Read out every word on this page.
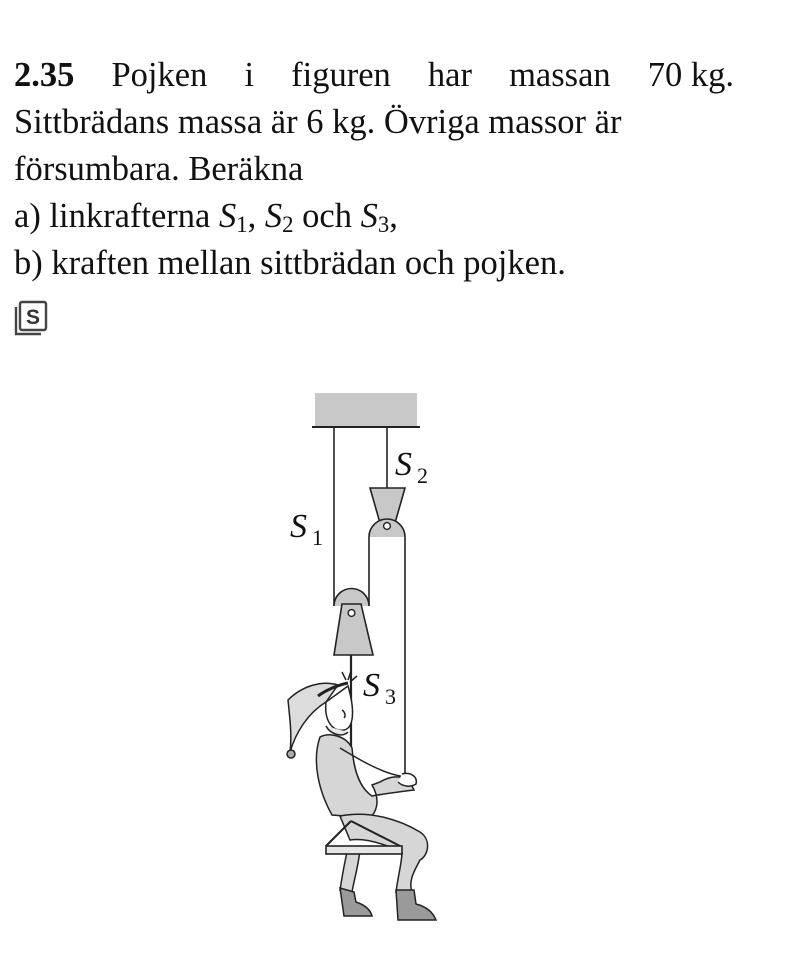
2.35 Pojken i figuren har massan 70 kg.
Sittbrädans massa är 6 kg. Övriga massor är
försumbara. Beräkna
a) linkrafterna $S_1$, $S_2$ och $S_3$,
b) kraften mellan sittbrädan och pojken.
S
S 1
S 2
S 3
